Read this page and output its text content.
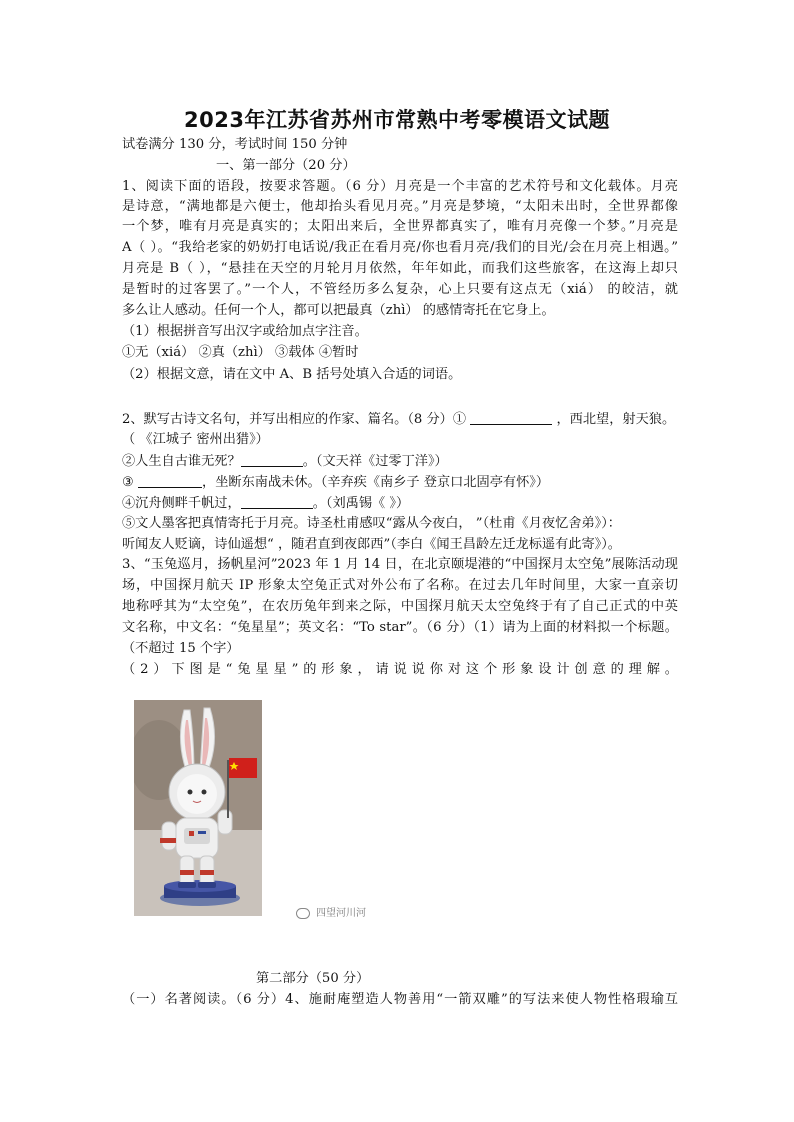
2023年江苏省苏州市常熟中考零模语文试题
试卷满分 130 分，考试时间 150 分钟
一、第一部分（20 分）
1、阅读下面的语段，按要求答题。（6 分）月亮是一个丰富的艺术符号和文化载体。月亮
是诗意，“满地都是六便士，他却抬头看见月亮。”月亮是梦境，“太阳未出时，全世界都像
一个梦，唯有月亮是真实的；太阳出来后，全世界都真实了，唯有月亮像一个梦。”月亮是
A（ ）。“我给老家的奶奶打电话说/我正在看月亮/你也看月亮/我们的目光/会在月亮上相遇。”
月亮是 B（ ），“悬挂在天空的月轮月月依然，年年如此，而我们这些旅客，在这海上却只
是暂时的过客罢了。”一个人，不管经历多么复杂，心上只要有这点无（xiá） 的皎洁，就
多么让人感动。任何一个人，都可以把最真（zhì） 的感情寄托在它身上。
（1）根据拼音写出汉字或给加点字注音。
①无（xiá） ②真（zhì） ③载体 ④暂时
（2）根据文意，请在文中 A、B 括号处填入合适的词语。
2、默写古诗文名句，并写出相应的作家、篇名。（8 分）①	，西北望，射天狼。
（ 《江城子 密州出猎》）
②人生自古谁无死？	。（文天祥《过零丁洋》）
③	，坐断东南战未休。（辛弃疾《南乡子 登京口北固亭有怀》）
④沉舟侧畔千帆过，	。（刘禹锡《 》）
⑤文人墨客把真情寄托于月亮。诗圣杜甫感叹“露从今夜白， ”（杜甫《月夜忆舍弟》）：
听闻友人贬谪，诗仙遥想“ ，随君直到夜郎西”（李白《闻王昌龄左迁龙标遥有此寄》）。
3、“玉兔巡月，扬帆星河”2023 年 1 月 14 日，在北京颐堤港的“中国探月太空兔”展陈活动现
场，中国探月航天 IP 形象太空兔正式对外公布了名称。在过去几年时间里，大家一直亲切
地称呼其为“太空兔”，在农历兔年到来之际，中国探月航天太空兔终于有了自己正式的中英
文名称，中文名：“兔星星”；英文名：“To star”。（6 分）（1）请为上面的材料拟一个标题。
（不超过 15 个字）
（2）下图是“兔星星”的形象，请说说你对这个形象设计创意的理解。
四望河川河
第二部分（50 分）
（一）名著阅读。（6 分）4、施耐庵塑造人物善用“一箭双雕”的写法来使人物性格瑕瑜互
